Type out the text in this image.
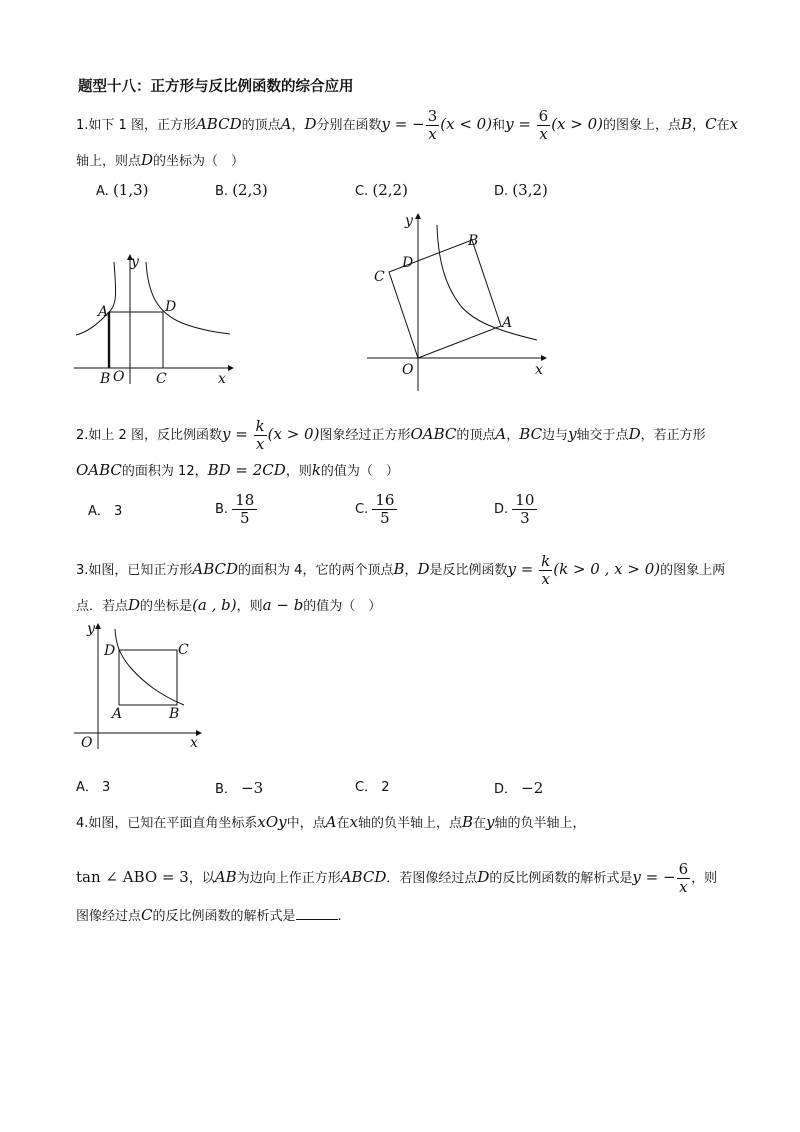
题型十八：正方形与反比例函数的综合应用
1.如下 1 图，正方形ABCD的顶点A，D分别在函数y = − $\frac{3}{x} (x < 0)$和$y = \frac{6}{x} (x > 0)$的图象上，点B，C在x
轴上，则点D的坐标为（　）
A. (1,3)	B. (2,3)	C. (2,2)	D. (3,2)
y
A	D
B O C	x
y
B
D
C
A
O	x
2.如上 2 图，反比例函数$y = \frac{k}{x} (x > 0)$图象经过正方形OABC的顶点A，BC边与y轴交于点D，若正方形
OABC的面积为 12，BD = 2CD，则k的值为（　）
A． 3	B. $\frac{18}{5}$	C. $\frac{16}{5}$	D. $\frac{10}{3}$
3.如图，已知正方形ABCD的面积为 4，它的两个顶点B，D是反比例函数$y = \frac{k}{x} (k > 0$ , x > 0)的图象上两
点．若点D的坐标是(a , b)，则a − b的值为（　）
y
D	C
A	B
O	x
A． 3	B． −3	C． 2	D． −2
4.如图，已知在平面直角坐标系xOy中，点A在x轴的负半轴上，点B在y轴的负半轴上，
tan ∠ ABO = 3，以AB为边向上作正方形ABCD．若图像经过点D的反比例函数的解析式是y = − $\frac{6}{x}$ ，则
图像经过点C的反比例函数的解析式是	.
